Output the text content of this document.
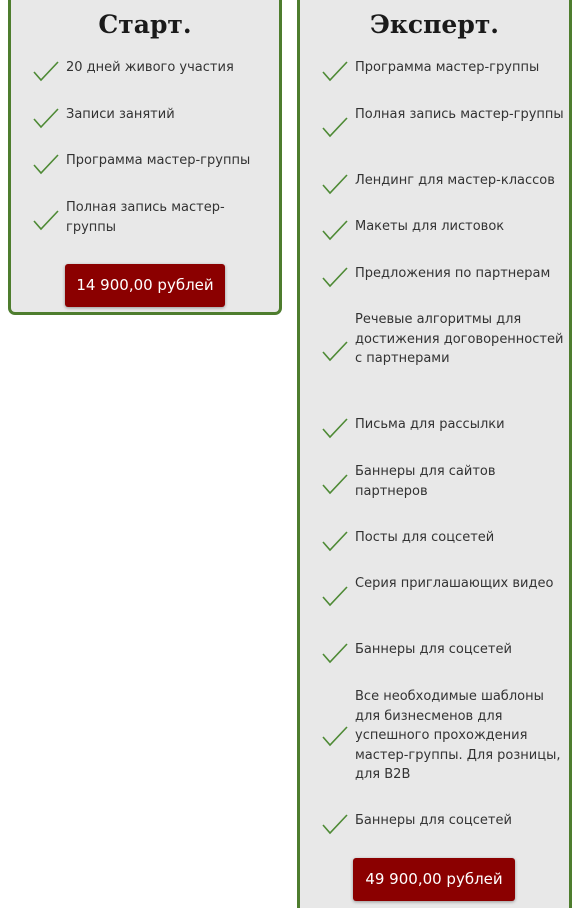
Старт.
20 дней живого участия
Записи занятий
Программа мастер-группы
Полная запись мастер-группы
14 900,00 рублей
Эксперт.
Программа мастер-группы
Полная запись мастер-группы
Лендинг для мастер-классов
Макеты для листовок
Предложения по партнерам
Речевые алгоритмы для достижения договоренностей с партнерами
Письма для рассылки
Баннеры для сайтов партнеров
Посты для соцсетей
Серия приглашающих видео
Баннеры для соцсетей
Все необходимые шаблоны для бизнесменов для успешного прохождения мастер-группы. Для розницы, для B2B
Баннеры для соцсетей
49 900,00 рублей
